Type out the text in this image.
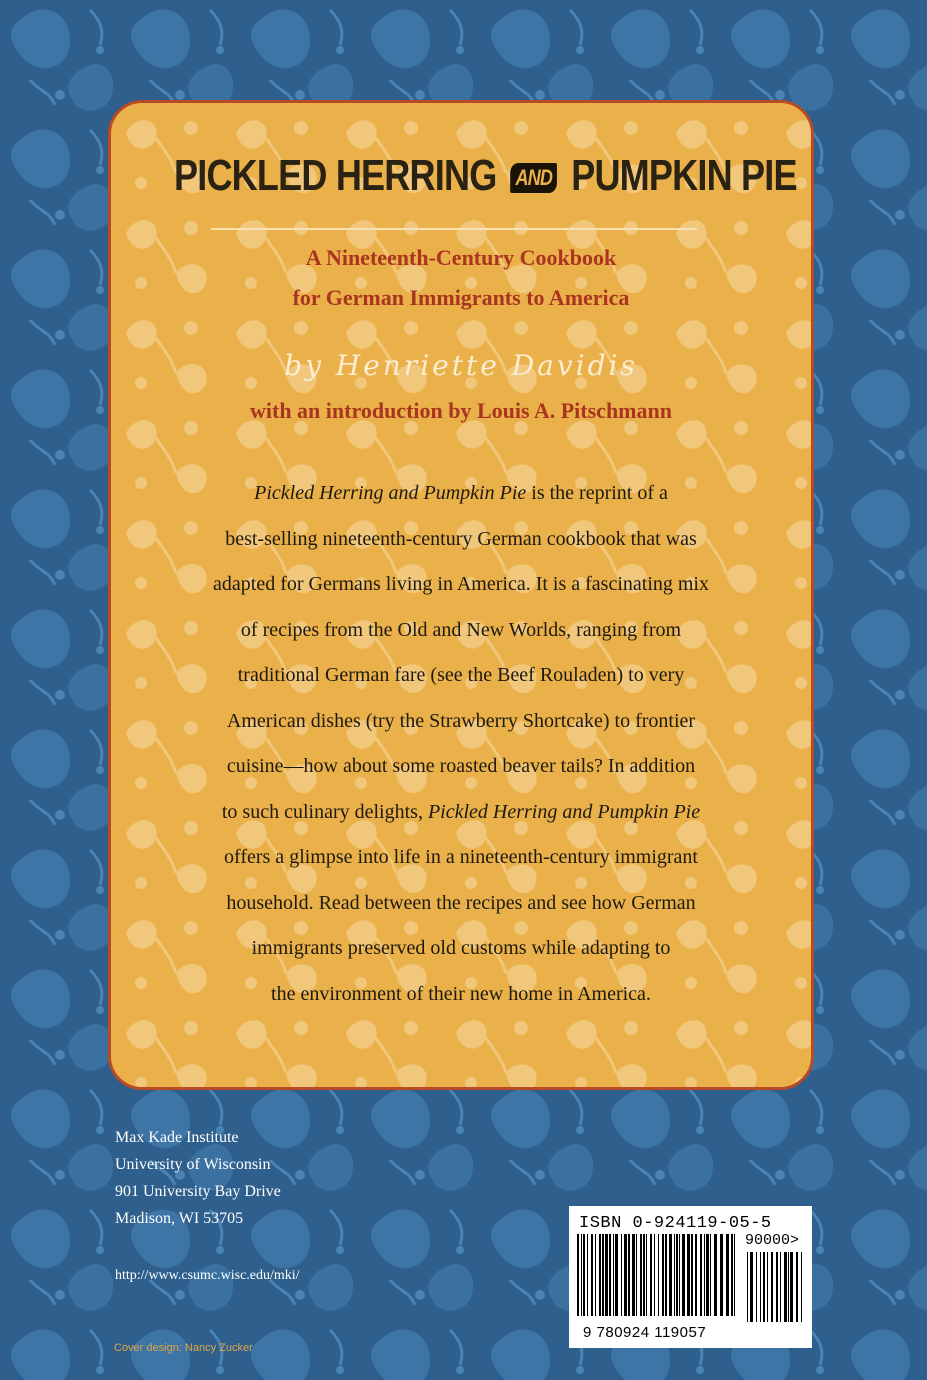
PICKLED HERRING AND PUMPKIN PIE
A Nineteenth-Century Cookbook
for German Immigrants to America
by Henriette Davidis
with an introduction by Louis A. Pitschmann
Pickled Herring and Pumpkin Pie is the reprint of a
best-selling nineteenth-century German cookbook that was
adapted for Germans living in America. It is a fascinating mix
of recipes from the Old and New Worlds, ranging from
traditional German fare (see the Beef Rouladen) to very
American dishes (try the Strawberry Shortcake) to frontier
cuisine—how about some roasted beaver tails? In addition
to such culinary delights, Pickled Herring and Pumpkin Pie
offers a glimpse into life in a nineteenth-century immigrant
household. Read between the recipes and see how German
immigrants preserved old customs while adapting to
the environment of their new home in America.
Max Kade Institute
University of Wisconsin
901 University Bay Drive
Madison, WI 53705
http://www.csumc.wisc.edu/mki/
Cover design: Nancy Zucker
ISBN 0-924119-05-5
90000>
9 780924 119057
